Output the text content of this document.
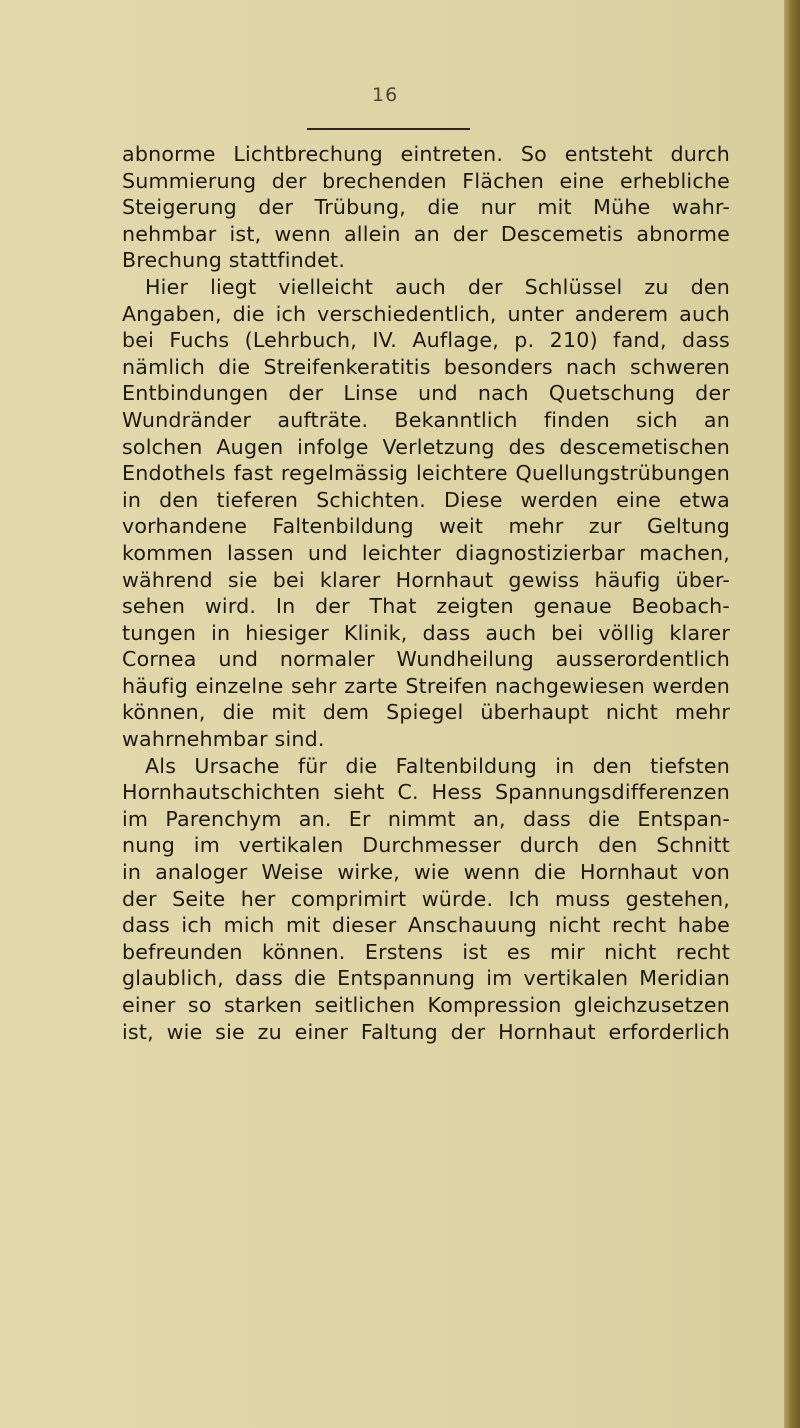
16
abnorme Lichtbrechung eintreten. So entsteht durch
Summierung der brechenden Flächen eine erhebliche
Steigerung der Trübung, die nur mit Mühe wahr-
nehmbar ist, wenn allein an der Descemetis abnorme
Brechung stattfindet.
Hier liegt vielleicht auch der Schlüssel zu den
Angaben, die ich verschiedentlich, unter anderem auch
bei Fuchs (Lehrbuch, IV. Auflage, p. 210) fand, dass
nämlich die Streifenkeratitis besonders nach schweren
Entbindungen der Linse und nach Quetschung der
Wundränder aufträte. Bekanntlich finden sich an
solchen Augen infolge Verletzung des descemetischen
Endothels fast regelmässig leichtere Quellungstrübungen
in den tieferen Schichten. Diese werden eine etwa
vorhandene Faltenbildung weit mehr zur Geltung
kommen lassen und leichter diagnostizierbar machen,
während sie bei klarer Hornhaut gewiss häufig über-
sehen wird. In der That zeigten genaue Beobach-
tungen in hiesiger Klinik, dass auch bei völlig klarer
Cornea und normaler Wundheilung ausserordentlich
häufig einzelne sehr zarte Streifen nachgewiesen werden
können, die mit dem Spiegel überhaupt nicht mehr
wahrnehmbar sind.
Als Ursache für die Faltenbildung in den tiefsten
Hornhautschichten sieht C. Hess Spannungsdifferenzen
im Parenchym an. Er nimmt an, dass die Entspan-
nung im vertikalen Durchmesser durch den Schnitt
in analoger Weise wirke, wie wenn die Hornhaut von
der Seite her comprimirt würde. Ich muss gestehen,
dass ich mich mit dieser Anschauung nicht recht habe
befreunden können. Erstens ist es mir nicht recht
glaublich, dass die Entspannung im vertikalen Meridian
einer so starken seitlichen Kompression gleichzusetzen
ist, wie sie zu einer Faltung der Hornhaut erforderlich
